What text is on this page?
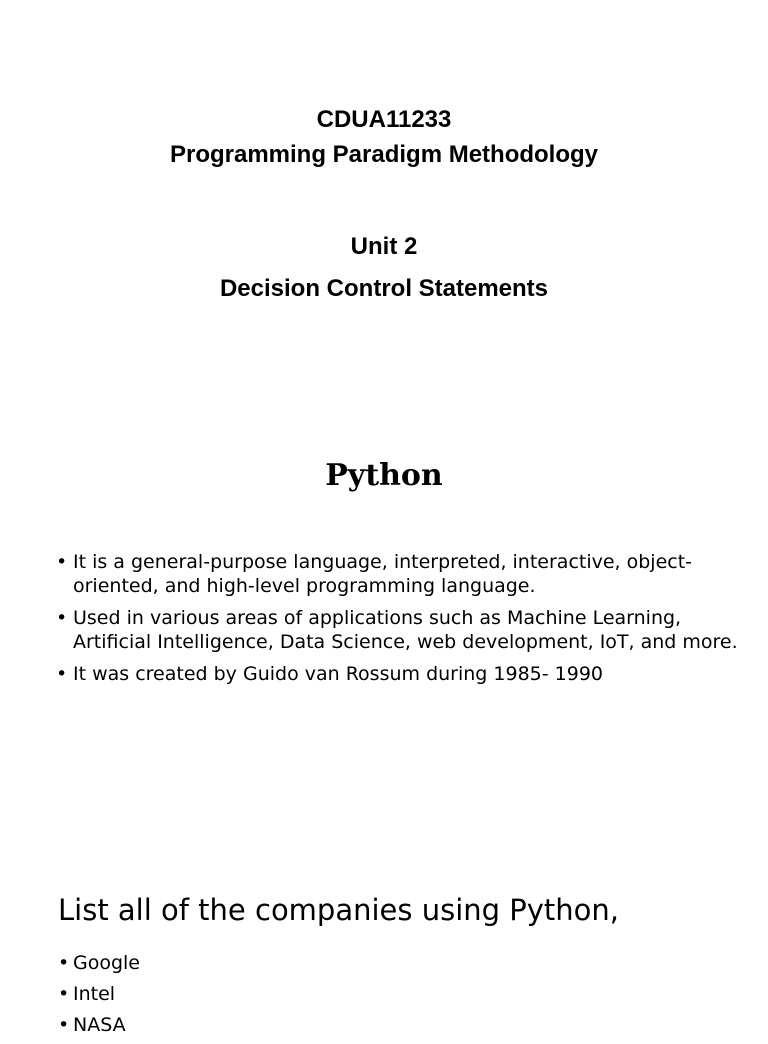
CDUA11233
Programming Paradigm Methodology
Unit 2
Decision Control Statements
Python
• It is a general-purpose language, interpreted, interactive, object-oriented, and high-level programming language.
• Used in various areas of applications such as Machine Learning, Artificial Intelligence, Data Science, web development, IoT, and more.
• It was created by Guido van Rossum during 1985- 1990
List all of the companies using Python,
• Google
• Intel
• NASA
